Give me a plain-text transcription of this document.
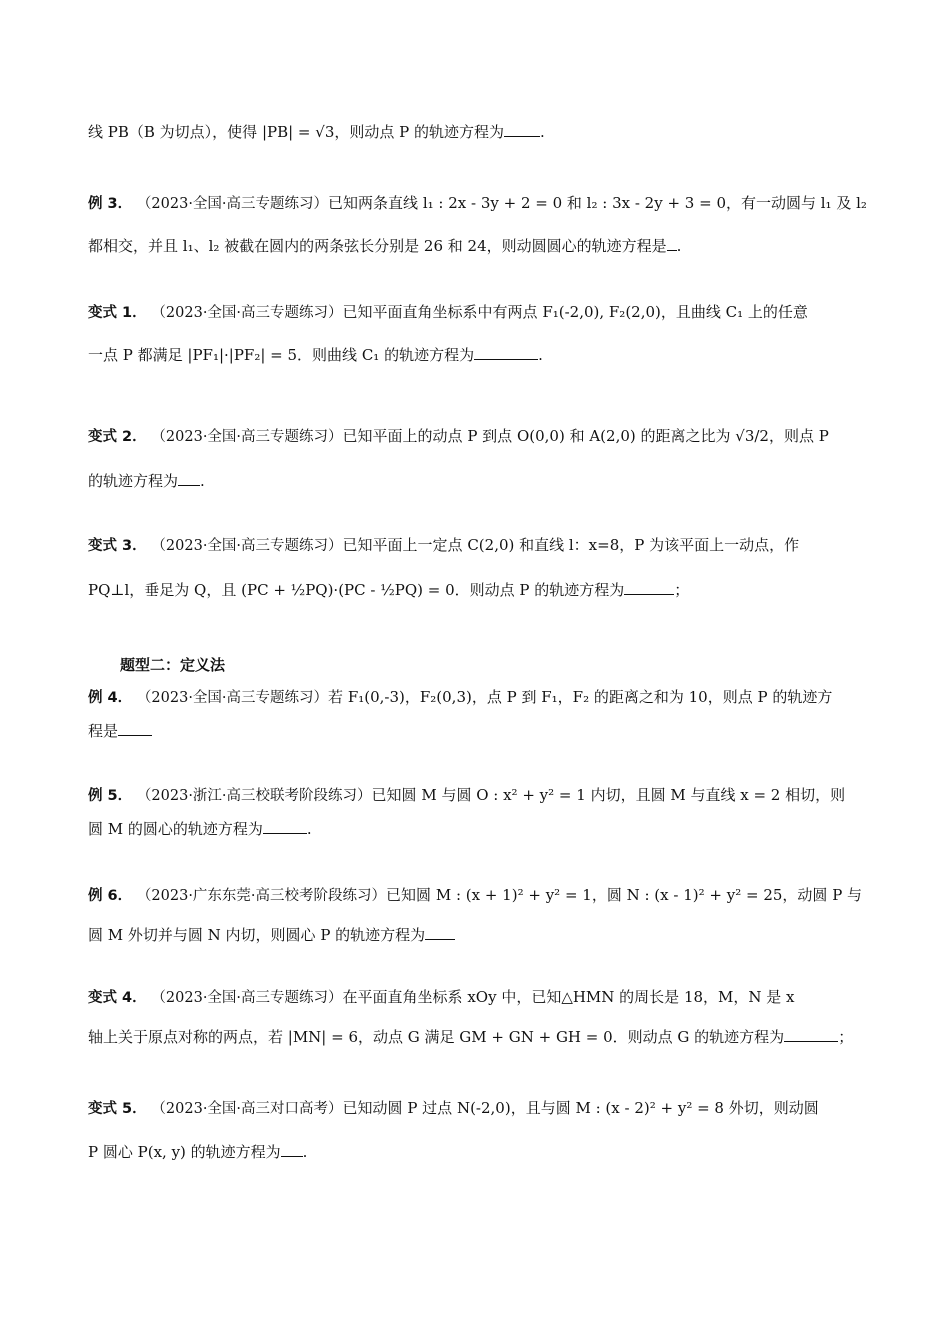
线 PB（B 为切点），使得 |PB| = √3，则动点 P 的轨迹方程为 .
例 3． （2023·全国·高三专题练习）已知两条直线 l₁ : 2x - 3y + 2 = 0 和 l₂ : 3x - 2y + 3 = 0，有一动圆与 l₁ 及 l₂
都相交，并且 l₁、l₂ 被截在圆内的两条弦长分别是 26 和 24，则动圆圆心的轨迹方程是 .
变式 1． （2023·全国·高三专题练习）已知平面直角坐标系中有两点 F₁(-2,0), F₂(2,0)，且曲线 C₁ 上的任意
一点 P 都满足 |PF₁|·|PF₂| = 5．则曲线 C₁ 的轨迹方程为	.
变式 2． （2023·全国·高三专题练习）已知平面上的动点 P 到点 O(0,0) 和 A(2,0) 的距离之比为 √3/2，则点 P
的轨迹方程为 .
变式 3． （2023·全国·高三专题练习）已知平面上一定点 C(2,0) 和直线 l：x=8，P 为该平面上一动点，作
PQ⊥l，垂足为 Q，且 (PC + ½PQ)·(PC - ½PQ) = 0．则动点 P 的轨迹方程为	；
题型二：定义法
例 4． （2023·全国·高三专题练习）若 F₁(0,-3)，F₂(0,3)，点 P 到 F₁，F₂ 的距离之和为 10，则点 P 的轨迹方
程是
例 5． （2023·浙江·高三校联考阶段练习）已知圆 M 与圆 O : x² + y² = 1 内切，且圆 M 与直线 x = 2 相切，则
圆 M 的圆心的轨迹方程为	.
例 6． （2023·广东东莞·高三校考阶段练习）已知圆 M : (x + 1)² + y² = 1，圆 N : (x - 1)² + y² = 25，动圆 P 与
圆 M 外切并与圆 N 内切，则圆心 P 的轨迹方程为
变式 4． （2023·全国·高三专题练习）在平面直角坐标系 xOy 中，已知△HMN 的周长是 18，M，N 是 x
轴上关于原点对称的两点，若 |MN| = 6，动点 G 满足 GM + GN + GH = 0．则动点 G 的轨迹方程为	；
变式 5． （2023·全国·高三对口高考）已知动圆 P 过点 N(-2,0)，且与圆 M : (x - 2)² + y² = 8 外切，则动圆
P 圆心 P(x, y) 的轨迹方程为 .
